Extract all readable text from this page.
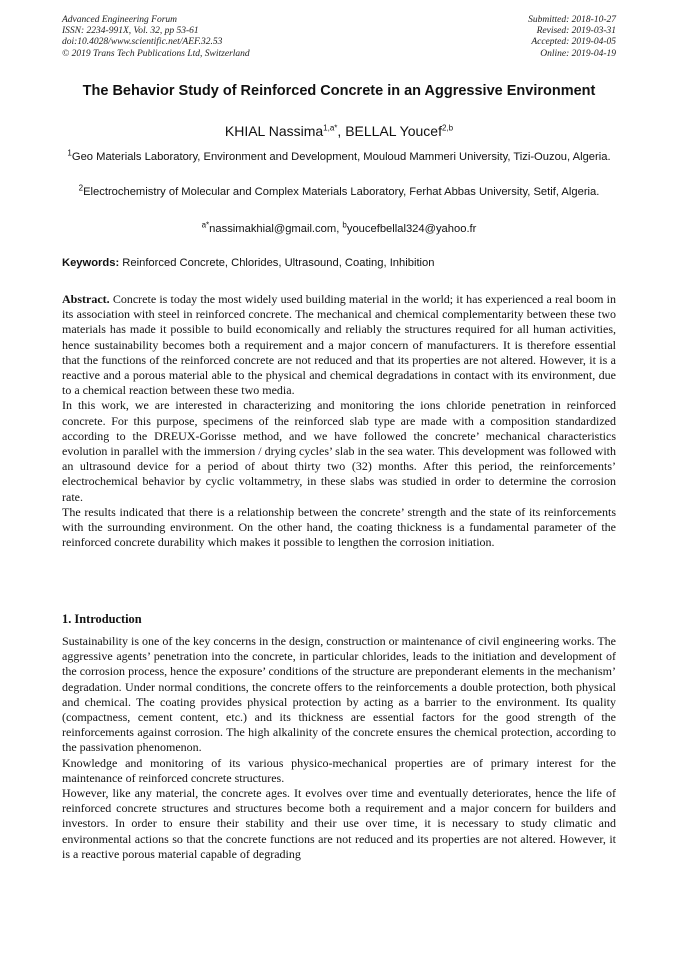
Advanced Engineering Forum
ISSN: 2234-991X, Vol. 32, pp 53-61
doi:10.4028/www.scientific.net/AEF.32.53
© 2019 Trans Tech Publications Ltd, Switzerland
Submitted: 2018-10-27
Revised: 2019-03-31
Accepted: 2019-04-05
Online: 2019-04-19
The Behavior Study of Reinforced Concrete in an Aggressive Environment
KHIAL Nassima$^{1,a*}$, BELLAL Youcef$^{2,b}$
$^1$Geo Materials Laboratory, Environment and Development, Mouloud Mammeri University, Tizi-Ouzou, Algeria.
$^2$Electrochemistry of Molecular and Complex Materials Laboratory, Ferhat Abbas University, Setif, Algeria.
$^{a*}$nassimakhial@gmail.com, $^b$youcefbellal324@yahoo.fr
Keywords: Reinforced Concrete, Chlorides, Ultrasound, Coating, Inhibition

Abstract. Concrete is today the most widely used building material in the world; it has experienced a real boom in its association with steel in reinforced concrete. The mechanical and chemical complementarity between these two materials has made it possible to build economically and reliably the structures required for all human activities, hence sustainability becomes both a requirement and a major concern of manufacturers. It is therefore essential that the functions of the reinforced concrete are not reduced and that its properties are not altered. However, it is a reactive and a porous material able to the physical and chemical degradations in contact with its environment, due to a chemical reaction between these two media.

In this work, we are interested in characterizing and monitoring the ions chloride penetration in reinforced concrete. For this purpose, specimens of the reinforced slab type are made with a composition standardized according to the DREUX-Gorisse method, and we have followed the concrete’ mechanical characteristics evolution in parallel with the immersion / drying cycles’ slab in the sea water. This development was followed with an ultrasound device for a period of about thirty two (32) months. After this period, the reinforcements’ electrochemical behavior by cyclic voltammetry, in these slabs was studied in order to determine the corrosion rate.

The results indicated that there is a relationship between the concrete’ strength and the state of its reinforcements with the surrounding environment. On the other hand, the coating thickness is a fundamental parameter of the reinforced concrete durability which makes it possible to lengthen the corrosion initiation.

1. Introduction

Sustainability is one of the key concerns in the design, construction or maintenance of civil engineering works. The aggressive agents’ penetration into the concrete, in particular chlorides, leads to the initiation and development of the corrosion process, hence the exposure’ conditions of the structure are preponderant elements in the mechanism’ degradation. Under normal conditions, the concrete offers to the reinforcements a double protection, both physical and chemical. The coating provides physical protection by acting as a barrier to the environment. Its quality (compactness, cement content, etc.) and its thickness are essential factors for the good strength of the reinforcements against corrosion. The high alkalinity of the concrete ensures the chemical protection, according to the passivation phenomenon.

Knowledge and monitoring of its various physico-mechanical properties are of primary interest for the maintenance of reinforced concrete structures.

However, like any material, the concrete ages. It evolves over time and eventually deteriorates, hence the life of reinforced concrete structures and structures become both a requirement and a major concern for builders and investors. In order to ensure their stability and their use over time, it is necessary to study climatic and environmental actions so that the concrete functions are not reduced and its properties are not altered. However, it is a reactive porous material capable of degrading
